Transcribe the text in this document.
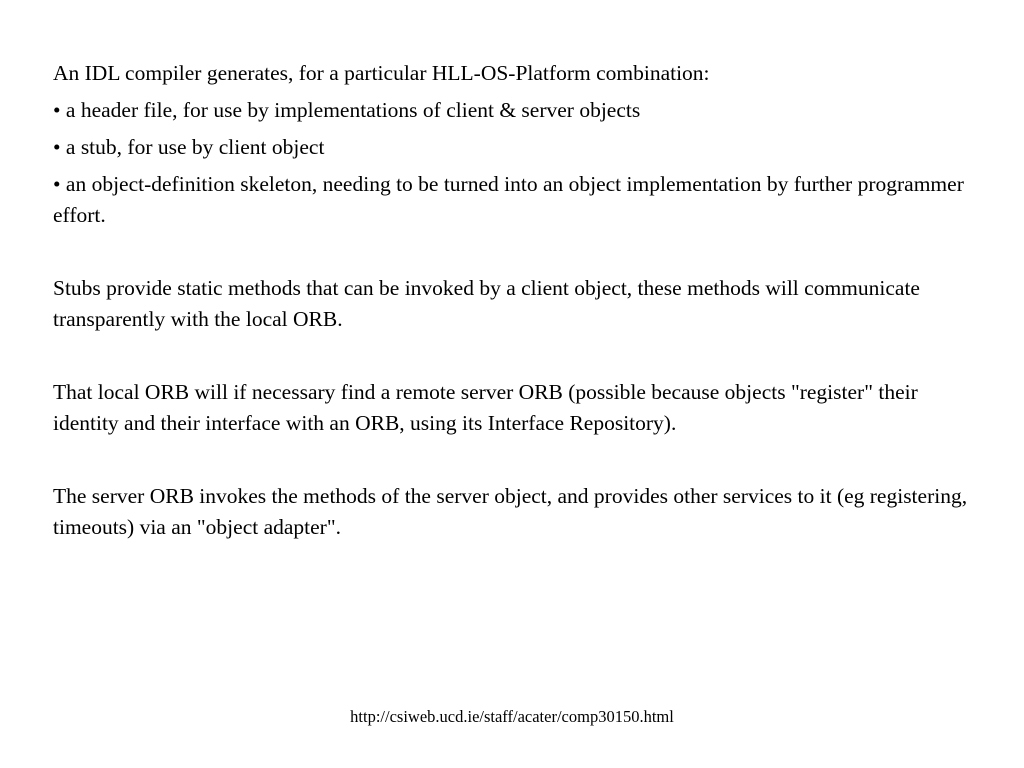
An IDL compiler generates, for a particular HLL-OS-Platform combination:

• a header file, for use by implementations of client & server objects

• a stub, for use by client object

• an object-definition skeleton, needing to be turned into an object implementation by further programmer effort.

Stubs provide static methods that can be invoked by a client object, these methods will communicate transparently with the local ORB.

That local ORB will if necessary find a remote server ORB (possible because objects "register" their identity and their interface with an ORB, using its Interface Repository).

The server ORB invokes the methods of the server object, and provides other services to it (eg registering, timeouts) via an "object adapter".

http://csiweb.ucd.ie/staff/acater/comp30150.html
